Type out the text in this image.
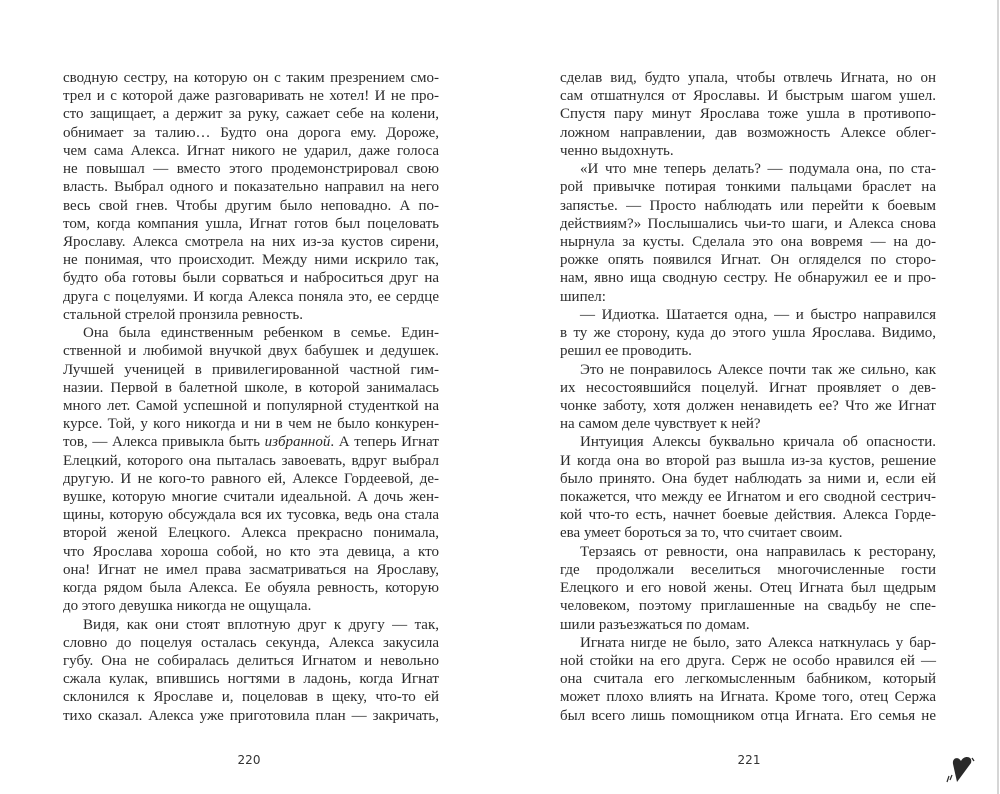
сводную сестру, на которую он с таким презрением смо-
трел и с которой даже разговаривать не хотел! И не про-
сто защищает, а держит за руку, сажает себе на колени,
обнимает за талию… Будто она дорога ему. Дороже,
чем сама Алекса. Игнат никого не ударил, даже голоса
не повышал — вместо этого продемонстрировал свою
власть. Выбрал одного и показательно направил на него
весь свой гнев. Чтобы другим было неповадно. А по-
том, когда компания ушла, Игнат готов был поцеловать
Ярославу. Алекса смотрела на них из-за кустов сирени,
не понимая, что происходит. Между ними искрило так,
будто оба готовы были сорваться и наброситься друг на
друга с поцелуями. И когда Алекса поняла это, ее сердце
стальной стрелой пронзила ревность.
Она была единственным ребенком в семье. Един-
ственной и любимой внучкой двух бабушек и дедушек.
Лучшей ученицей в привилегированной частной гим-
назии. Первой в балетной школе, в которой занималась
много лет. Самой успешной и популярной студенткой на
курсе. Той, у кого никогда и ни в чем не было конкурен-
тов, — Алекса привыкла быть избранной. А теперь Игнат
Елецкий, которого она пыталась завоевать, вдруг выбрал
другую. И не кого-то равного ей, Алексе Гордеевой, де-
вушке, которую многие считали идеальной. А дочь жен-
щины, которую обсуждала вся их тусовка, ведь она стала
второй женой Елецкого. Алекса прекрасно понимала,
что Ярослава хороша собой, но кто эта девица, а кто
она! Игнат не имел права засматриваться на Ярославу,
когда рядом была Алекса. Ее обуяла ревность, которую
до этого девушка никогда не ощущала.
Видя, как они стоят вплотную друг к другу — так,
словно до поцелуя осталась секунда, Алекса закусила
губу. Она не собиралась делиться Игнатом и невольно
сжала кулак, впившись ногтями в ладонь, когда Игнат
склонился к Ярославе и, поцеловав в щеку, что-то ей
тихо сказал. Алекса уже приготовила план — закричать,
220
сделав вид, будто упала, чтобы отвлечь Игната, но он
сам отшатнулся от Ярославы. И быстрым шагом ушел.
Спустя пару минут Ярослава тоже ушла в противопо-
ложном направлении, дав возможность Алексе облег-
ченно выдохнуть.
«И что мне теперь делать? — подумала она, по ста-
рой привычке потирая тонкими пальцами браслет на
запястье. — Просто наблюдать или перейти к боевым
действиям?» Послышались чьи-то шаги, и Алекса снова
нырнула за кусты. Сделала это она вовремя — на до-
рожке опять появился Игнат. Он огляделся по сторо-
нам, явно ища сводную сестру. Не обнаружил ее и про-
шипел:
— Идиотка. Шатается одна, — и быстро направился
в ту же сторону, куда до этого ушла Ярослава. Видимо,
решил ее проводить.
Это не понравилось Алексе почти так же сильно, как
их несостоявшийся поцелуй. Игнат проявляет о дев-
чонке заботу, хотя должен ненавидеть ее? Что же Игнат
на самом деле чувствует к ней?
Интуиция Алексы буквально кричала об опасности.
И когда она во второй раз вышла из-за кустов, решение
было принято. Она будет наблюдать за ними и, если ей
покажется, что между ее Игнатом и его сводной сестрич-
кой что-то есть, начнет боевые действия. Алекса Горде-
ева умеет бороться за то, что считает своим.
Терзаясь от ревности, она направилась к ресторану,
где продолжали веселиться многочисленные гости
Елецкого и его новой жены. Отец Игната был щедрым
человеком, поэтому приглашенные на свадьбу не спе-
шили разъезжаться по домам.
Игната нигде не было, зато Алекса наткнулась у бар-
ной стойки на его друга. Серж не особо нравился ей —
она считала его легкомысленным бабником, который
может плохо влиять на Игната. Кроме того, отец Сержа
был всего лишь помощником отца Игната. Его семья не
221
